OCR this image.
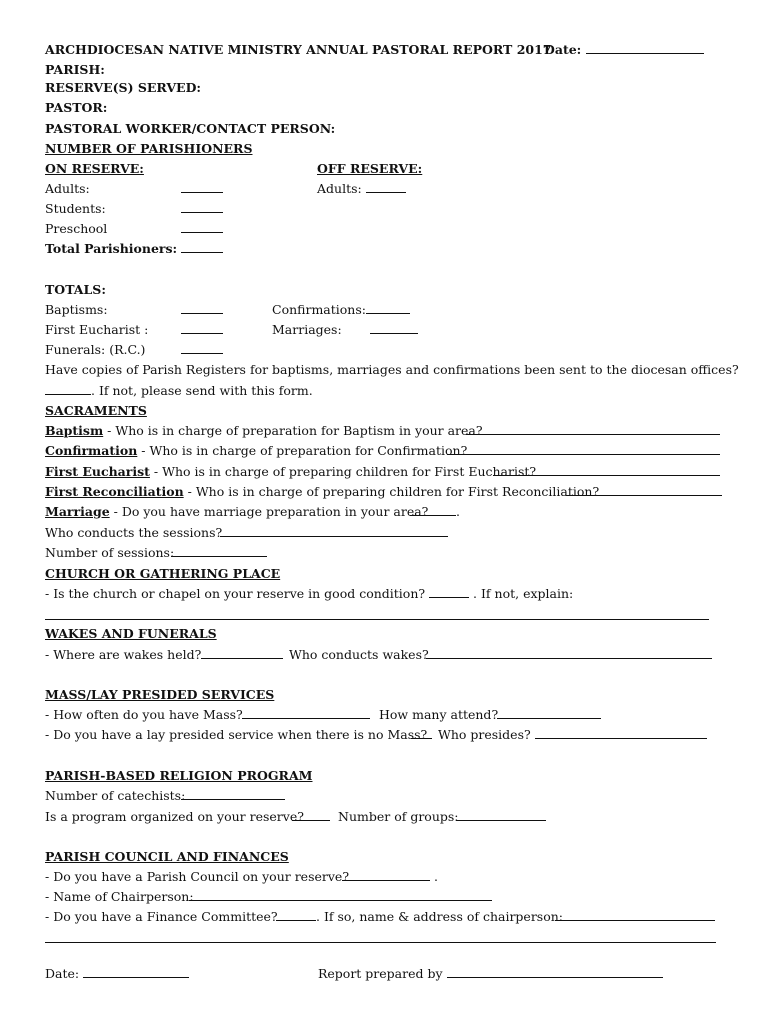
ARCHDIOCESAN NATIVE MINISTRY ANNUAL PASTORAL REPORT 2017
Date:
PARISH:
RESERVE(S) SERVED:
PASTOR:
PASTORAL WORKER/CONTACT PERSON:
NUMBER OF PARISHIONERS
ON RESERVE:	OFF RESERVE:
Adults:	Adults:
Students:
Preschool
Total Parishioners:
TOTALS:
Baptisms:	Confirmations:
First Eucharist :	Marriages:
Funerals: (R.C.)
Have copies of Parish Registers for baptisms, marriages and confirmations been sent to the diocesan offices?
. If not, please send with this form.
SACRAMENTS
Baptism - Who is in charge of preparation for Baptism in your area?
Confirmation - Who is in charge of preparation for Confirmation?
First Eucharist - Who is in charge of preparing children for First Eucharist?
First Reconciliation - Who is in charge of preparing children for First Reconciliation?
Marriage - Do you have marriage preparation in your area?	.
Who conducts the sessions?
Number of sessions:
CHURCH OR GATHERING PLACE
- Is the church or chapel on your reserve in good condition?	. If not, explain:
WAKES AND FUNERALS
- Where are wakes held?	Who conducts wakes?
MASS/LAY PRESIDED SERVICES
- How often do you have Mass?	How many attend?
- Do you have a lay presided service when there is no Mass? Who presides?
PARISH-BASED RELIGION PROGRAM
Number of catechists:
Is a program organized on your reserve?	Number of groups:
PARISH COUNCIL AND FINANCES
- Do you have a Parish Council on your reserve?	.
- Name of Chairperson:
- Do you have a Finance Committee?	. If so, name & address of chairperson:
Date:	Report prepared by
